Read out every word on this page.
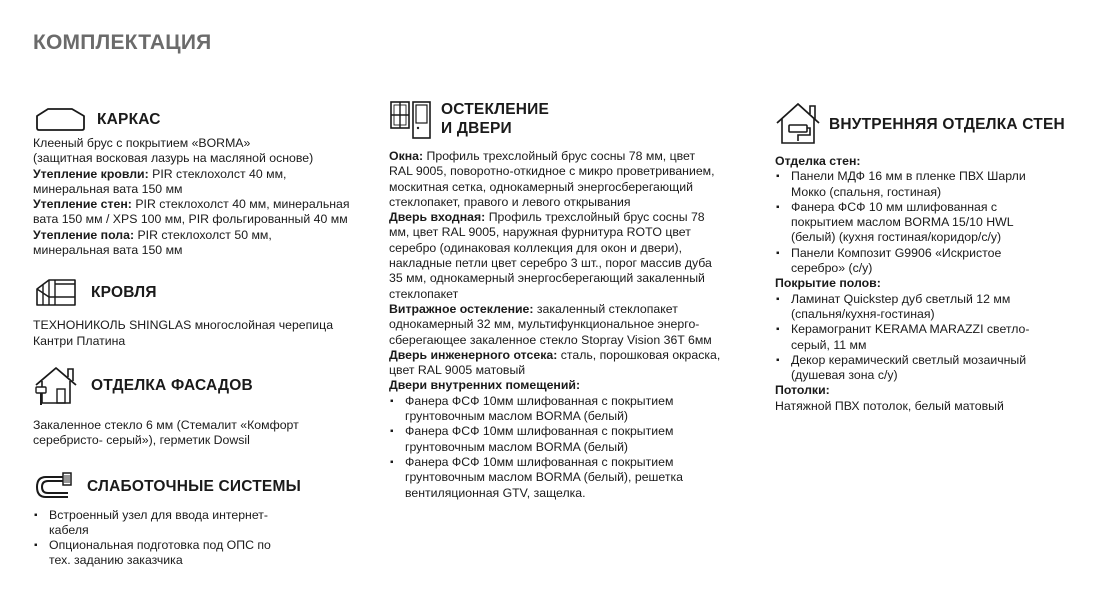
КОМПЛЕКТАЦИЯ
КАРКАС
Клееный брус с покрытием «BORMA»
(защитная восковая лазурь на масляной основе)
Утепление кровли: PIR стеклохолст 40 мм, минеральная вата 150 мм
Утепление стен: PIR стеклохолст 40 мм, минеральная вата 150 мм / XPS 100 мм, PIR фольгированный 40 мм
Утепление пола: PIR стеклохолст 50 мм, минеральная вата 150 мм
КРОВЛЯ
ТЕХНОНИКОЛЬ SHINGLAS многослойная черепица Кантри Платина
ОТДЕЛКА ФАСАДОВ
Закаленное стекло 6 мм (Стемалит «Комфорт серебристо- серый»), герметик Dowsil
СЛАБОТОЧНЫЕ СИСТЕМЫ
▪ Встроенный узел для ввода интернет-кабеля
▪ Опциональная подготовка под ОПС по тех. заданию заказчика
ОСТЕКЛЕНИЕ
И ДВЕРИ
Окна: Профиль трехслойный брус сосны 78 мм, цвет RAL 9005, поворотно-откидное с микро проветриванием, москитная сетка, однокамерный энергосберегающий стеклопакет, правого и левого открывания
Дверь входная: Профиль трехслойный брус сосны 78 мм, цвет RAL 9005, наружная фурнитура ROTO цвет серебро (одинаковая коллекция для окон и двери), накладные петли цвет серебро 3 шт., порог массив дуба 35 мм, однокамерный энергосберегающий закаленный стеклопакет
Витражное остекление: закаленный стеклопакет однокамерный 32 мм, мультифункциональное энерго-сберегающее закаленное стекло Stopray Vision 36T 6мм
Дверь инженерного отсека: сталь, порошковая окраска, цвет RAL 9005 матовый
Двери внутренних помещений:
▪ Фанера ФСФ 10мм шлифованная с покрытием грунтовочным маслом BORMA (белый)
▪ Фанера ФСФ 10мм шлифованная с покрытием грунтовочным маслом BORMA (белый)
▪ Фанера ФСФ 10мм шлифованная с покрытием грунтовочным маслом BORMA (белый), решетка вентиляционная GTV, защелка.
ВНУТРЕННЯЯ ОТДЕЛКА СТЕН
Отделка стен:
▪ Панели МДФ 16 мм в пленке ПВХ Шарли Мокко (спальня, гостиная)
▪ Фанера ФСФ 10 мм шлифованная с покрытием маслом BORMA 15/10 HWL (белый) (кухня гостиная/коридор/с/у)
▪ Панели Композит G9906 «Искристое серебро» (с/у)
Покрытие полов:
▪ Ламинат Quickstep дуб светлый 12 мм (спальня/кухня-гостиная)
▪ Керамогранит KERAMA MARAZZI светло-серый, 11 мм
▪ Декор керамический светлый мозаичный (душевая зона с/у)
Потолки:
Натяжной ПВХ потолок, белый матовый
